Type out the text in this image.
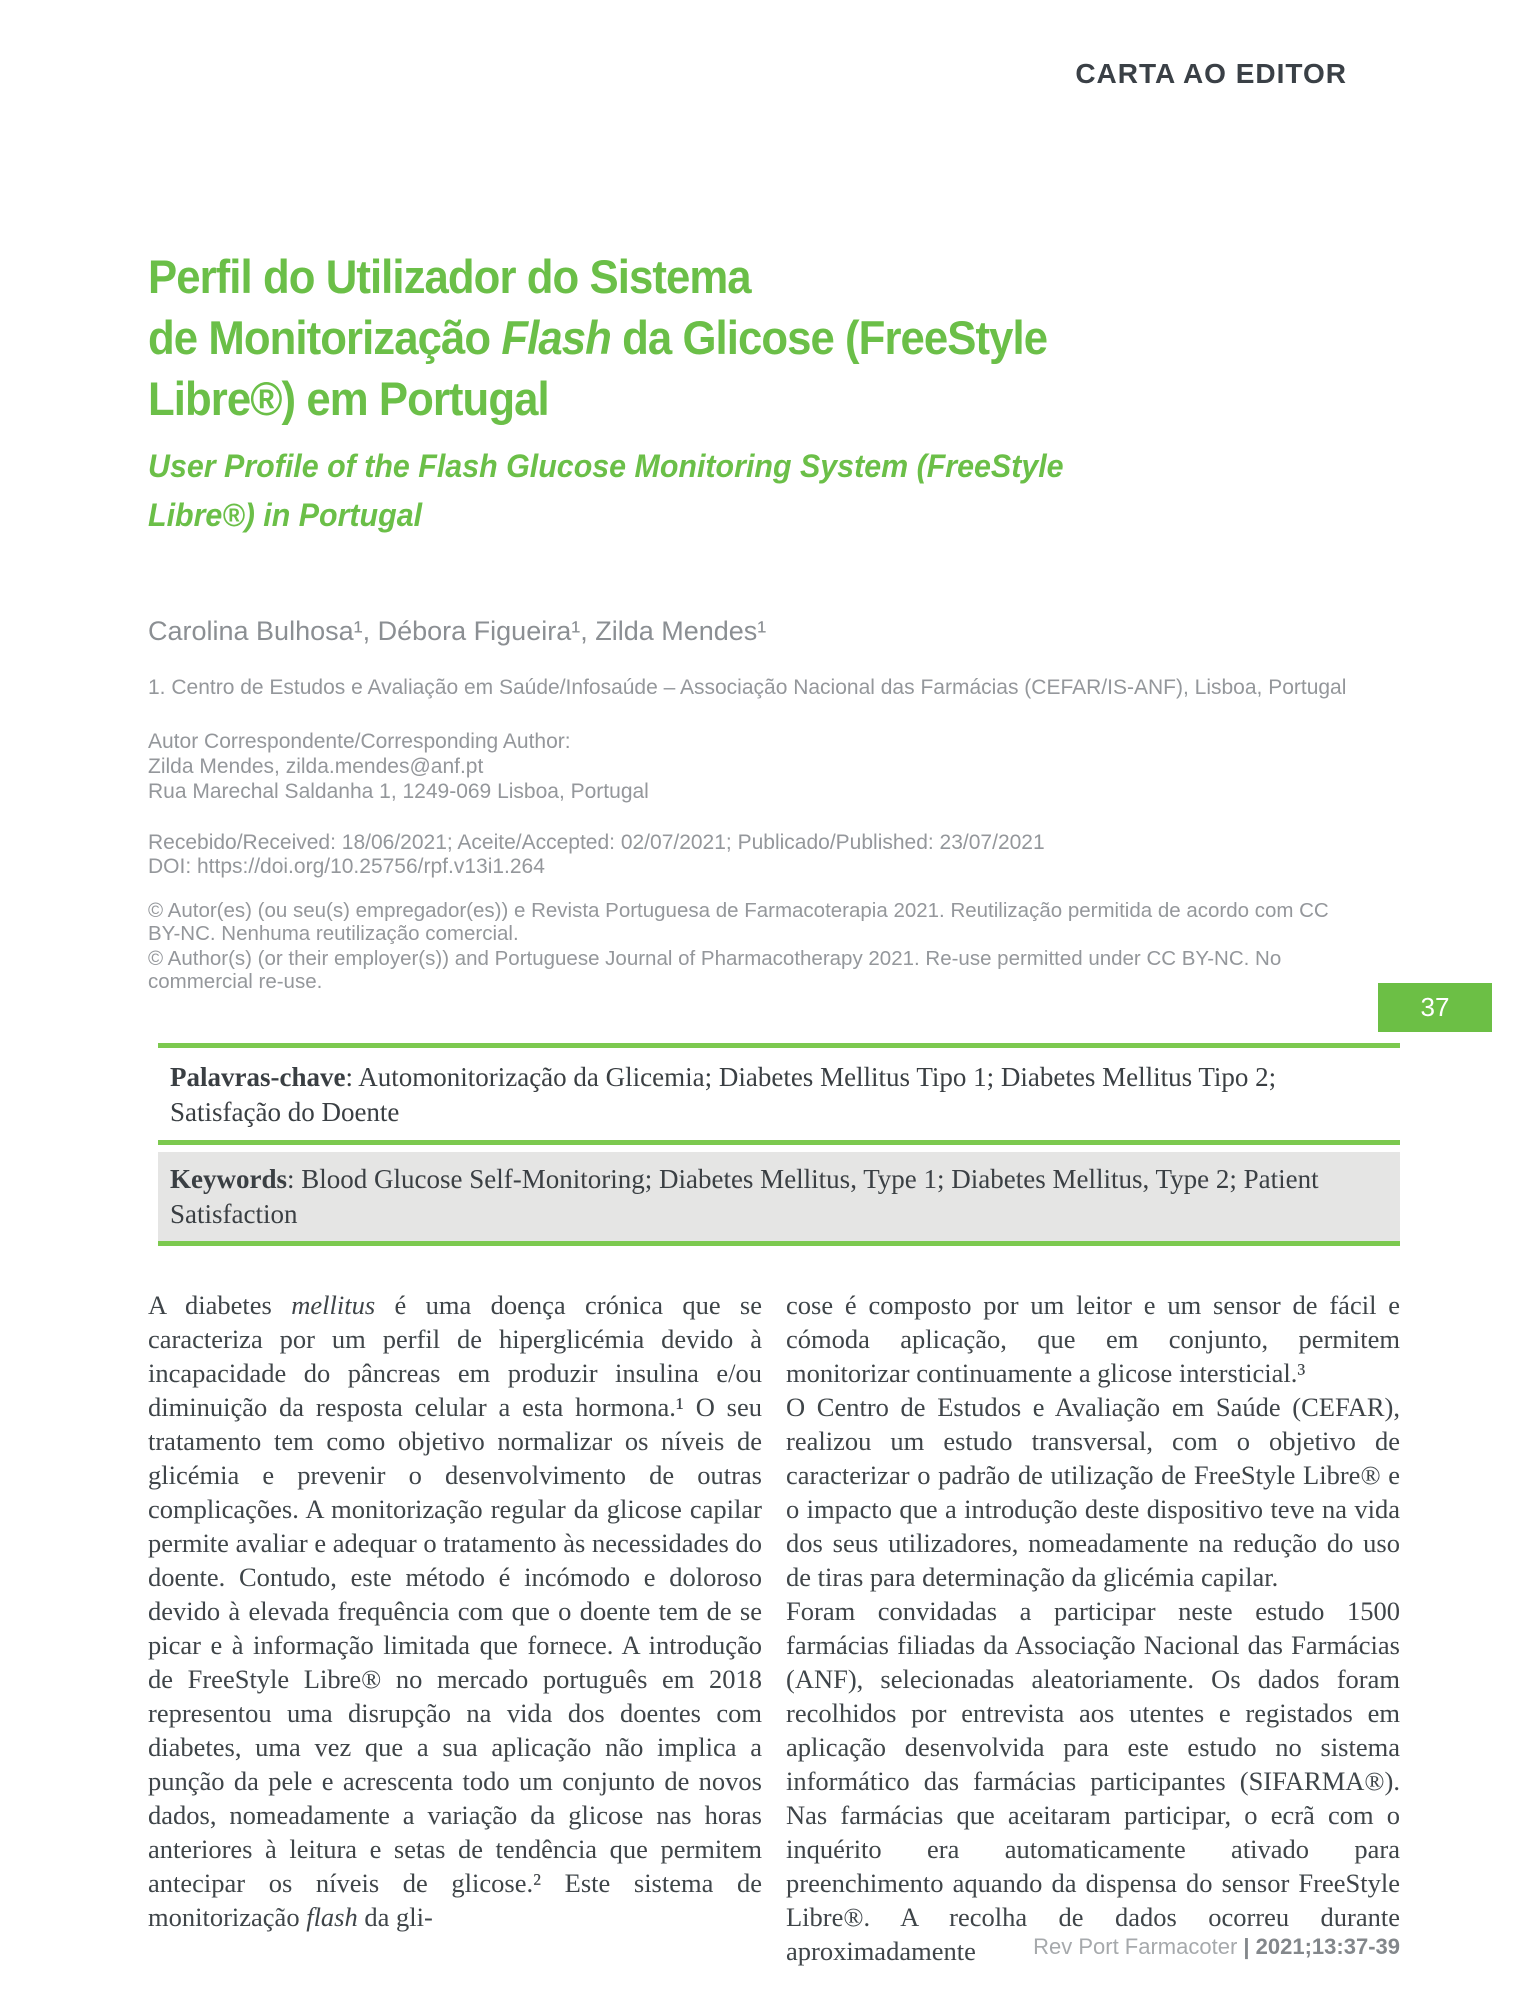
CARTA AO EDITOR
Perfil do Utilizador do Sistema
de Monitorização Flash da Glicose (FreeStyle
Libre®) em Portugal
User Profile of the Flash Glucose Monitoring System (FreeStyle
Libre®) in Portugal
Carolina Bulhosa¹, Débora Figueira¹, Zilda Mendes¹
1. Centro de Estudos e Avaliação em Saúde/Infosaúde – Associação Nacional das Farmácias (CEFAR/IS-ANF), Lisboa, Portugal
Autor Correspondente/Corresponding Author:
Zilda Mendes, zilda.mendes@anf.pt
Rua Marechal Saldanha 1, 1249-069 Lisboa, Portugal
Recebido/Received: 18/06/2021; Aceite/Accepted: 02/07/2021; Publicado/Published: 23/07/2021
DOI: https://doi.org/10.25756/rpf.v13i1.264

© Autor(es) (ou seu(s) empregador(es)) e Revista Portuguesa de Farmacoterapia 2021. Reutilização permitida de acordo com CC BY-NC. Nenhuma reutilização comercial.

© Author(s) (or their employer(s)) and Portuguese Journal of Pharmacotherapy 2021. Re-use permitted under CC BY-NC. No commercial re-use.

37
Palavras-chave: Automonitorização da Glicemia; Diabetes Mellitus Tipo 1; Diabetes Mellitus Tipo 2; Satisfação do Doente
Keywords: Blood Glucose Self-Monitoring; Diabetes Mellitus, Type 1; Diabetes Mellitus, Type 2; Patient Satisfaction

A diabetes mellitus é uma doença crónica que se caracteriza por um perfil de hiperglicémia devido à incapacidade do pâncreas em produzir insulina e/ou diminuição da resposta celular a esta hormona.¹ O seu tratamento tem como objetivo normalizar os níveis de glicémia e prevenir o desenvolvimento de outras complicações. A monitorização regular da glicose capilar permite avaliar e adequar o tratamento às necessidades do doente. Contudo, este método é incómodo e doloroso devido à elevada frequência com que o doente tem de se picar e à informação limitada que fornece. A introdução de FreeStyle Libre® no mercado português em 2018 representou uma disrupção na vida dos doentes com diabetes, uma vez que a sua aplicação não implica a punção da pele e acrescenta todo um conjunto de novos dados, nomeadamente a variação da glicose nas horas anteriores à leitura e setas de tendência que permitem antecipar os níveis de glicose.² Este sistema de monitorização flash da gli-

cose é composto por um leitor e um sensor de fácil e cómoda aplicação, que em conjunto, permitem monitorizar continuamente a glicose intersticial.³

O Centro de Estudos e Avaliação em Saúde (CEFAR), realizou um estudo transversal, com o objetivo de caracterizar o padrão de utilização de FreeStyle Libre® e o impacto que a introdução deste dispositivo teve na vida dos seus utilizadores, nomeadamente na redução do uso de tiras para determinação da glicémia capilar.

Foram convidadas a participar neste estudo 1500 farmácias filiadas da Associação Nacional das Farmácias (ANF), selecionadas aleatoriamente. Os dados foram recolhidos por entrevista aos utentes e registados em aplicação desenvolvida para este estudo no sistema informático das farmácias participantes (SIFARMA®). Nas farmácias que aceitaram participar, o ecrã com o inquérito era automaticamente ativado para preenchimento aquando da dispensa do sensor FreeStyle Libre®. A recolha de dados ocorreu durante aproximadamente	Rev Port Farmacoter | 2021;13:37-39
